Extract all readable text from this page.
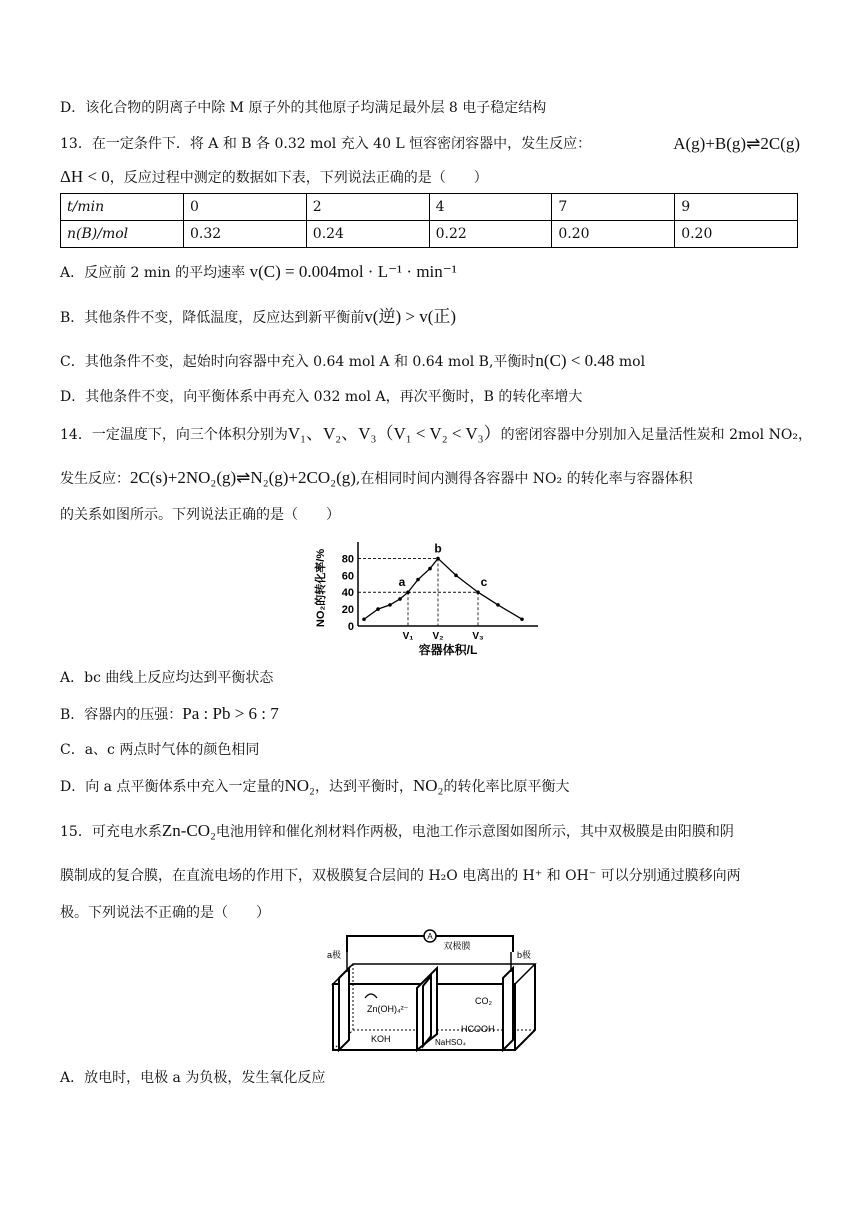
D．该化合物的阴离子中除 M 原子外的其他原子均满足最外层 8 电子稳定结构
13．在一定条件下．将 A 和 B 各 0.32 mol 充入 40 L 恒容密闭容器中，发生反应：	A(g)+B(g)⇌2C(g)
ΔH < 0，反应过程中测定的数据如下表，下列说法正确的是（　　）
t/min	0	2	4	7	9
n(B)/mol	0.32	0.24	0.22	0.20	0.20
A．反应前 2 min 的平均速率 v(C) = 0.004mol · L⁻¹ · min⁻¹
B．其他条件不变，降低温度，反应达到新平衡前v(逆) > v(正)
C．其他条件不变，起始时向容器中充入 0.64 mol A 和 0.64 mol B,平衡时n(C) < 0.48 mol
D．其他条件不变，向平衡体系中再充入 032 mol A，再次平衡时，B 的转化率增大
14．一定温度下，向三个体积分别为V₁、V₂、V₃（V₁ < V₂ < V₃）的密闭容器中分别加入足量活性炭和 2mol NO₂，
发生反应：2C(s)+2NO₂(g)⇌N₂(g)+2CO₂(g),在相同时间内测得各容器中 NO₂ 的转化率与容器体积
的关系如图所示。下列说法正确的是（　　）
0
20
40
60
80
V₁ V₂	V₃
a
b
c
NO₂的转化率/%
容器体积/L
A．bc 曲线上反应均达到平衡状态
B．容器内的压强：Pa : Pb > 6 : 7
C．a、c 两点时气体的颜色相同
D．向 a 点平衡体系中充入一定量的NO₂，达到平衡时，NO₂的转化率比原平衡大
15．可充电水系Zn-CO₂电池用锌和催化剂材料作两极，电池工作示意图如图所示，其中双极膜是由阳膜和阴
膜制成的复合膜，在直流电场的作用下，双极膜复合层间的 H₂O 电离出的 H⁺ 和 OH⁻ 可以分别通过膜移向两
极。下列说法不正确的是（　　）
A
双极膜
a极	b极
Zn(OH)₄²⁻
CO₂
HCOOH
KOH	NaHSO₄
A．放电时，电极 a 为负极，发生氧化反应
